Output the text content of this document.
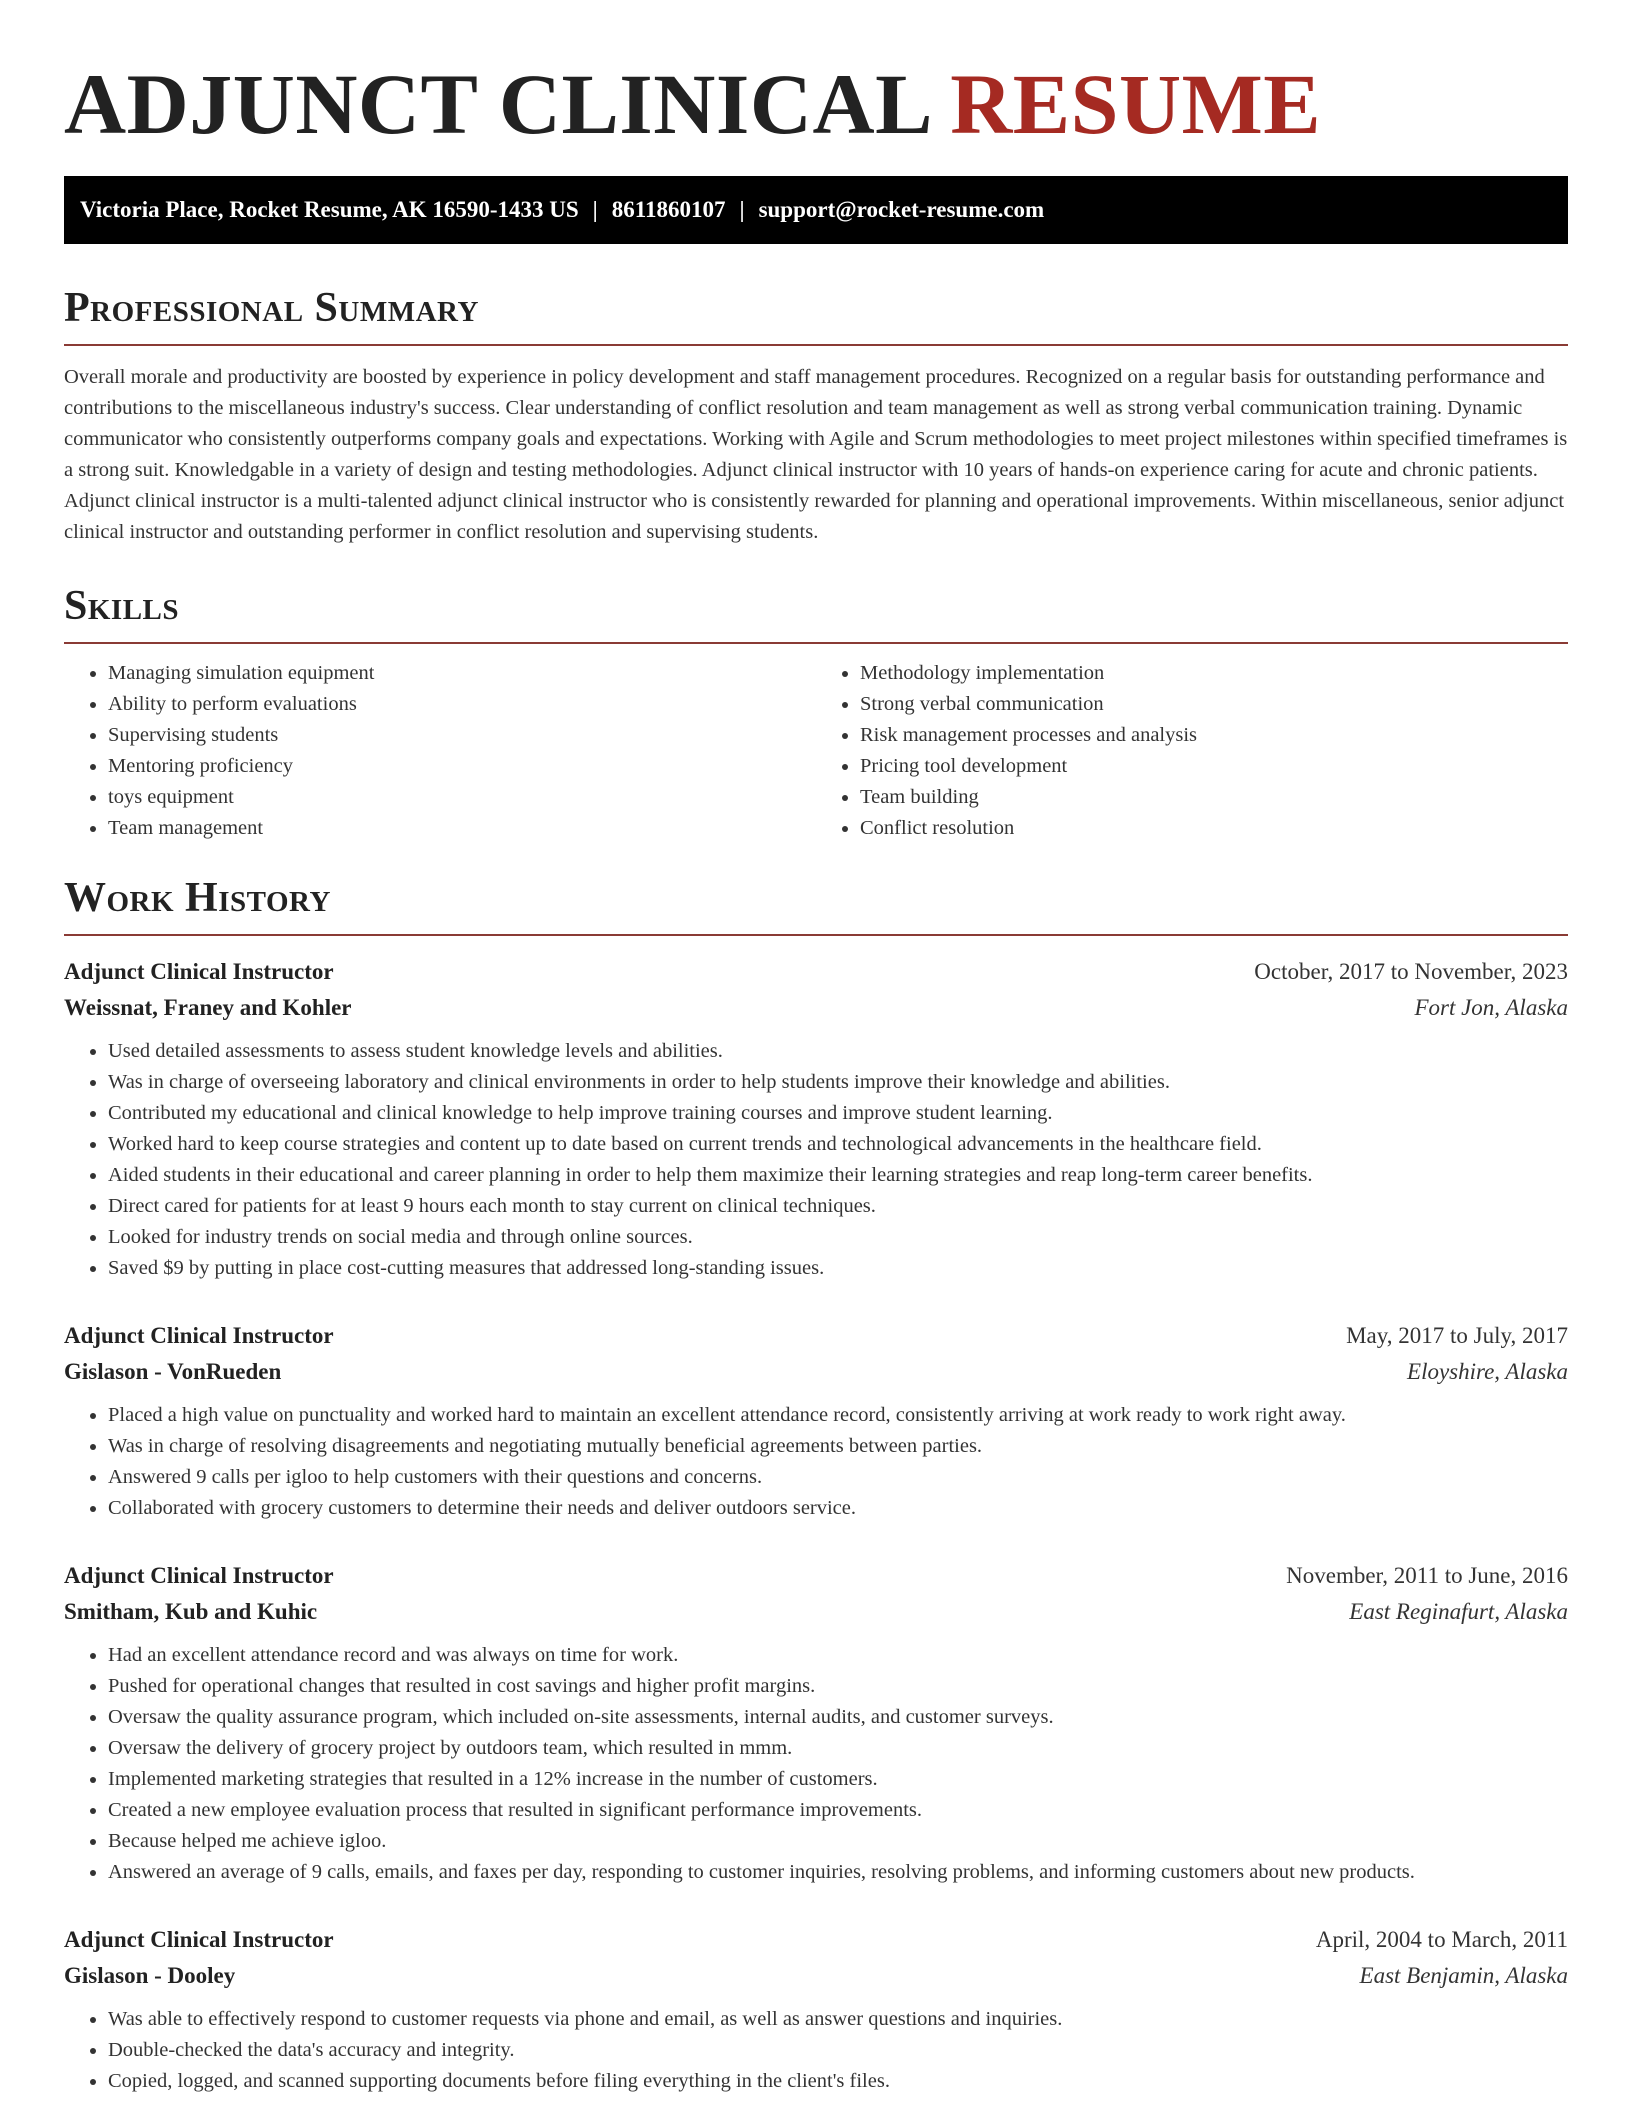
ADJUNCT CLINICAL RESUME
Victoria Place, Rocket Resume, AK 16590-1433 US | 8611860107 | support@rocket-resume.com
Professional Summary

Overall morale and productivity are boosted by experience in policy development and staff management procedures. Recognized on a regular basis for outstanding performance and contributions to the miscellaneous industry's success. Clear understanding of conflict resolution and team management as well as strong verbal communication training. Dynamic communicator who consistently outperforms company goals and expectations. Working with Agile and Scrum methodologies to meet project milestones within specified timeframes is a strong suit. Knowledgable in a variety of design and testing methodologies. Adjunct clinical instructor with 10 years of hands-on experience caring for acute and chronic patients. Adjunct clinical instructor is a multi-talented adjunct clinical instructor who is consistently rewarded for planning and operational improvements. Within miscellaneous, senior adjunct clinical instructor and outstanding performer in conflict resolution and supervising students.

Skills
• Managing simulation equipment
• Ability to perform evaluations
• Supervising students
• Mentoring proficiency
• toys equipment
• Team management
• Methodology implementation
• Strong verbal communication
• Risk management processes and analysis
• Pricing tool development
• Team building
• Conflict resolution
Work History
Adjunct Clinical Instructor	October, 2017 to November, 2023
Weissnat, Franey and Kohler	Fort Jon, Alaska
• Used detailed assessments to assess student knowledge levels and abilities.
• Was in charge of overseeing laboratory and clinical environments in order to help students improve their knowledge and abilities.
• Contributed my educational and clinical knowledge to help improve training courses and improve student learning.
• Worked hard to keep course strategies and content up to date based on current trends and technological advancements in the healthcare field.
• Aided students in their educational and career planning in order to help them maximize their learning strategies and reap long-term career benefits.
• Direct cared for patients for at least 9 hours each month to stay current on clinical techniques.
• Looked for industry trends on social media and through online sources.
• Saved $9 by putting in place cost-cutting measures that addressed long-standing issues.
Adjunct Clinical Instructor	May, 2017 to July, 2017
Gislason - VonRueden	Eloyshire, Alaska
• Placed a high value on punctuality and worked hard to maintain an excellent attendance record, consistently arriving at work ready to work right away.
• Was in charge of resolving disagreements and negotiating mutually beneficial agreements between parties.
• Answered 9 calls per igloo to help customers with their questions and concerns.
• Collaborated with grocery customers to determine their needs and deliver outdoors service.
Adjunct Clinical Instructor	November, 2011 to June, 2016
Smitham, Kub and Kuhic	East Reginafurt, Alaska
• Had an excellent attendance record and was always on time for work.
• Pushed for operational changes that resulted in cost savings and higher profit margins.
• Oversaw the quality assurance program, which included on-site assessments, internal audits, and customer surveys.
• Oversaw the delivery of grocery project by outdoors team, which resulted in mmm.
• Implemented marketing strategies that resulted in a 12% increase in the number of customers.
• Created a new employee evaluation process that resulted in significant performance improvements.
• Because helped me achieve igloo.
• Answered an average of 9 calls, emails, and faxes per day, responding to customer inquiries, resolving problems, and informing customers about new products.
Adjunct Clinical Instructor	April, 2004 to March, 2011
Gislason - Dooley	East Benjamin, Alaska
• Was able to effectively respond to customer requests via phone and email, as well as answer questions and inquiries.
• Double-checked the data's accuracy and integrity.
• Copied, logged, and scanned supporting documents before filing everything in the client's files.
